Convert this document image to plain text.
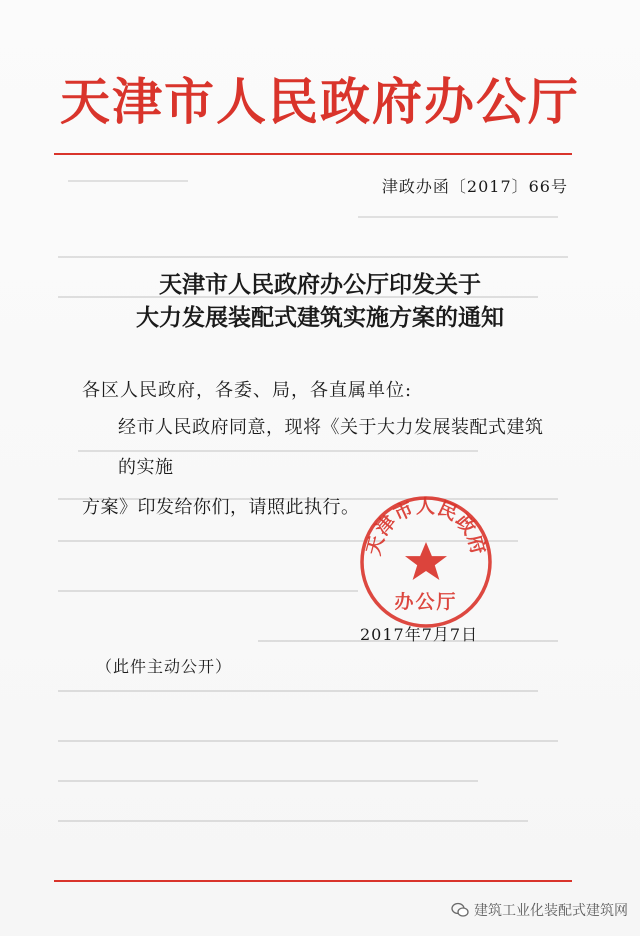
天津市人民政府办公厅
津政办函〔2017〕66号
天津市人民政府办公厅印发关于
大力发展装配式建筑实施方案的通知
各区人民政府，各委、局，各直属单位:
经市人民政府同意，现将《关于大力发展装配式建筑的实施
方案》印发给你们，请照此执行。
天津市人民政府
办公厅
2017年7月7日
（此件主动公开）
建筑工业化装配式建筑网
